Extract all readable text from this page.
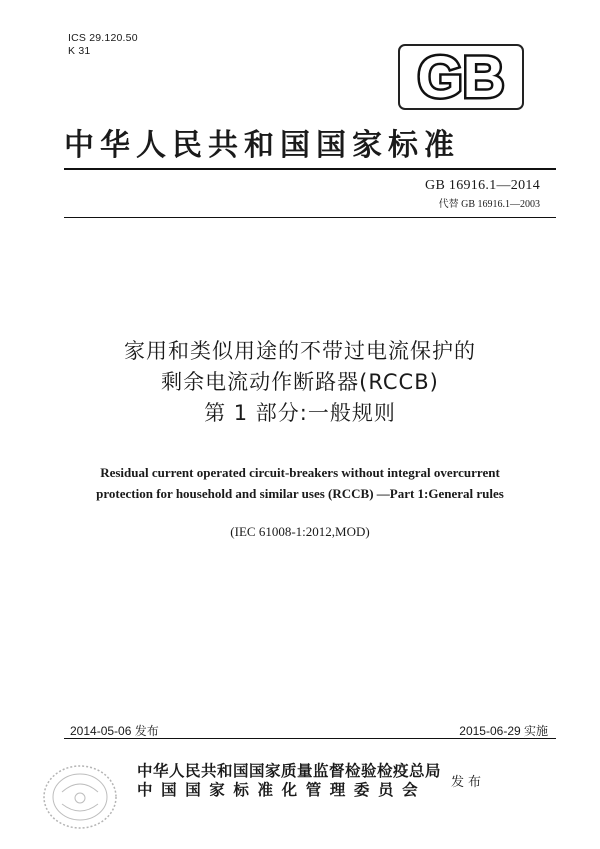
ICS 29.120.50
K 31	GB
中华人民共和国国家标准
GB 16916.1—2014
代替 GB 16916.1—2003
家用和类似用途的不带过电流保护的
剩余电流动作断路器(RCCB)
第 1 部分:一般规则
Residual current operated circuit-breakers without integral overcurrent
protection for household and similar uses (RCCB) —Part 1:General rules
(IEC 61008-1:2012,MOD)
2014-05-06 发布	2015-06-29 实施
中华人民共和国国家质量监督检验检疫总局
中国国家标准化管理委员会	发布
